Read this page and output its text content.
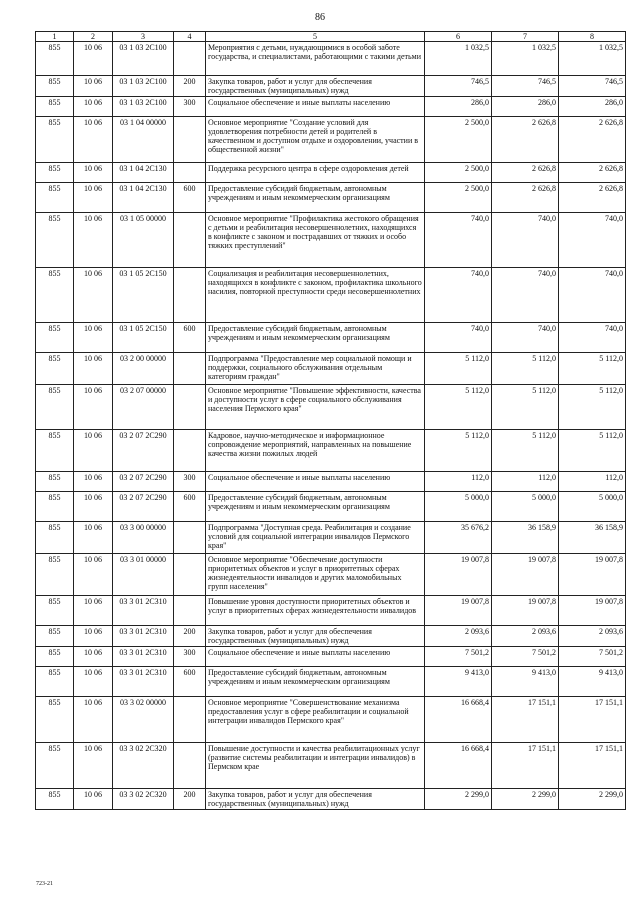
86
1	2	3	4	5	6	7	8
855	10 06	03 1 03 2С100		Мероприятия с детьми, нуждающимися в особой заботе государства, и специалистами, работающими с такими детьми	1 032,5	1 032,5	1 032,5
855	10 06	03 1 03 2С100	200	Закупка товаров, работ и услуг для обеспечения государственных (муниципальных) нужд	746,5	746,5	746,5
855	10 06	03 1 03 2С100	300	Социальное обеспечение и иные выплаты населению	286,0	286,0	286,0
855	10 06	03 1 04 00000		Основное мероприятие "Создание условий для удовлетворения потребности детей и родителей в качественном и доступном отдыхе и оздоровлении, участии в общественной жизни"	2 500,0	2 626,8	2 626,8
855	10 06	03 1 04 2С130		Поддержка ресурсного центра в сфере оздоровления детей	2 500,0	2 626,8	2 626,8
855	10 06	03 1 04 2С130	600	Предоставление субсидий бюджетным, автономным учреждениям и иным некоммерческим организациям	2 500,0	2 626,8	2 626,8
855	10 06	03 1 05 00000		Основное мероприятие "Профилактика жестокого обращения с детьми и реабилитация несовершеннолетних, находящихся в конфликте с законом и пострадавших от тяжких и особо тяжких преступлений"	740,0	740,0	740,0
855	10 06	03 1 05 2С150		Социализация и реабилитация несовершеннолетних, находящихся в конфликте с законом, профилактика школьного насилия, повторной преступности среди несовершеннолетних	740,0	740,0	740,0
855	10 06	03 1 05 2С150	600	Предоставление субсидий бюджетным, автономным учреждениям и иным некоммерческим организациям	740,0	740,0	740,0
855	10 06	03 2 00 00000		Подпрограмма "Предоставление мер социальной помощи и поддержки, социального обслуживания отдельным категориям граждан"	5 112,0	5 112,0	5 112,0
855	10 06	03 2 07 00000		Основное мероприятие "Повышение эффективности, качества и доступности услуг в сфере социального обслуживания населения Пермского края"	5 112,0	5 112,0	5 112,0
855	10 06	03 2 07 2С290		Кадровое, научно-методическое и информационное сопровождение мероприятий, направленных на повышение качества жизни пожилых людей	5 112,0	5 112,0	5 112,0
855	10 06	03 2 07 2С290	300	Социальное обеспечение и иные выплаты населению	112,0	112,0	112,0
855	10 06	03 2 07 2С290	600	Предоставление субсидий бюджетным, автономным учреждениям и иным некоммерческим организациям	5 000,0	5 000,0	5 000,0
855	10 06	03 3 00 00000		Подпрограмма "Доступная среда. Реабилитация и создание условий для социальной интеграции инвалидов Пермского края"	35 676,2	36 158,9	36 158,9
855	10 06	03 3 01 00000		Основное мероприятие "Обеспечение доступности приоритетных объектов и услуг в приоритетных сферах жизнедеятельности инвалидов и других маломобильных групп населения"	19 007,8	19 007,8	19 007,8
855	10 06	03 3 01 2С310		Повышение уровня доступности приоритетных объектов и услуг в приоритетных сферах жизнедеятельности инвалидов	19 007,8	19 007,8	19 007,8
855	10 06	03 3 01 2С310	200	Закупка товаров, работ и услуг для обеспечения государственных (муниципальных) нужд	2 093,6	2 093,6	2 093,6
855	10 06	03 3 01 2С310	300	Социальное обеспечение и иные выплаты населению	7 501,2	7 501,2	7 501,2
855	10 06	03 3 01 2С310	600	Предоставление субсидий бюджетным, автономным учреждениям и иным некоммерческим организациям	9 413,0	9 413,0	9 413,0
855	10 06	03 3 02 00000		Основное мероприятие "Совершенствование механизма предоставления услуг в сфере реабилитации и социальной интеграции инвалидов Пермского края"	16 668,4	17 151,1	17 151,1
855	10 06	03 3 02 2С320		Повышение доступности и качества реабилитационных услуг (развитие системы реабилитации и интеграции инвалидов) в Пермском крае	16 668,4	17 151,1	17 151,1
855	10 06	03 3 02 2С320	200	Закупка товаров, работ и услуг для обеспечения государственных (муниципальных) нужд	2 299,0	2 299,0	2 299,0
723-21
